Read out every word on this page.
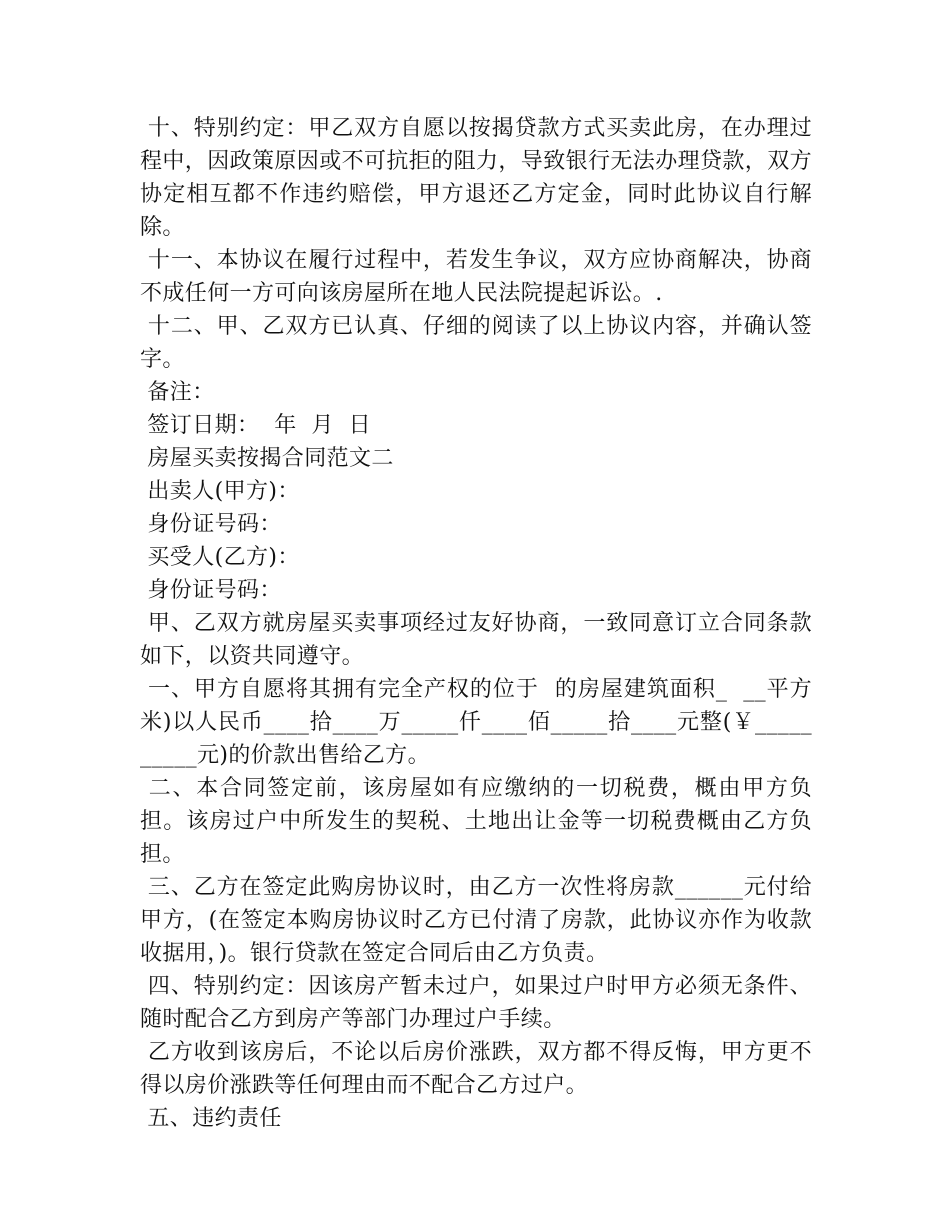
十、特别约定：甲乙双方自愿以按揭贷款方式买卖此房，在办理过程中，因政策原因或不可抗拒的阻力，导致银行无法办理贷款，双方协定相互都不作违约赔偿，甲方退还乙方定金，同时此协议自行解除。

十一、本协议在履行过程中，若发生争议，双方应协商解决，协商不成任何一方可向该房屋所在地人民法院提起诉讼。.

十二、甲、乙双方已认真、仔细的阅读了以上协议内容，并确认签字。

备注：

签订日期：  年  月  日

房屋买卖按揭合同范文二

出卖人(甲方)：

身份证号码：

买受人(乙方)：

身份证号码：

甲、乙双方就房屋买卖事项经过友好协商，一致同意订立合同条款如下，以资共同遵守。

一、甲方自愿将其拥有完全产权的位于  的房屋建筑面积_  __平方米)以人民币____拾____万_____仟____佰_____拾____元整(￥__________元)的价款出售给乙方。

二、本合同签定前，该房屋如有应缴纳的一切税费，概由甲方负担。该房过户中所发生的契税、土地出让金等一切税费概由乙方负担。

三、乙方在签定此购房协议时，由乙方一次性将房款______元付给甲方，(在签定本购房协议时乙方已付清了房款，此协议亦作为收款收据用，)。银行贷款在签定合同后由乙方负责。

四、特别约定：因该房产暂未过户，如果过户时甲方必须无条件、随时配合乙方到房产等部门办理过户手续。

乙方收到该房后，不论以后房价涨跌，双方都不得反悔，甲方更不得以房价涨跌等任何理由而不配合乙方过户。

五、违约责任
